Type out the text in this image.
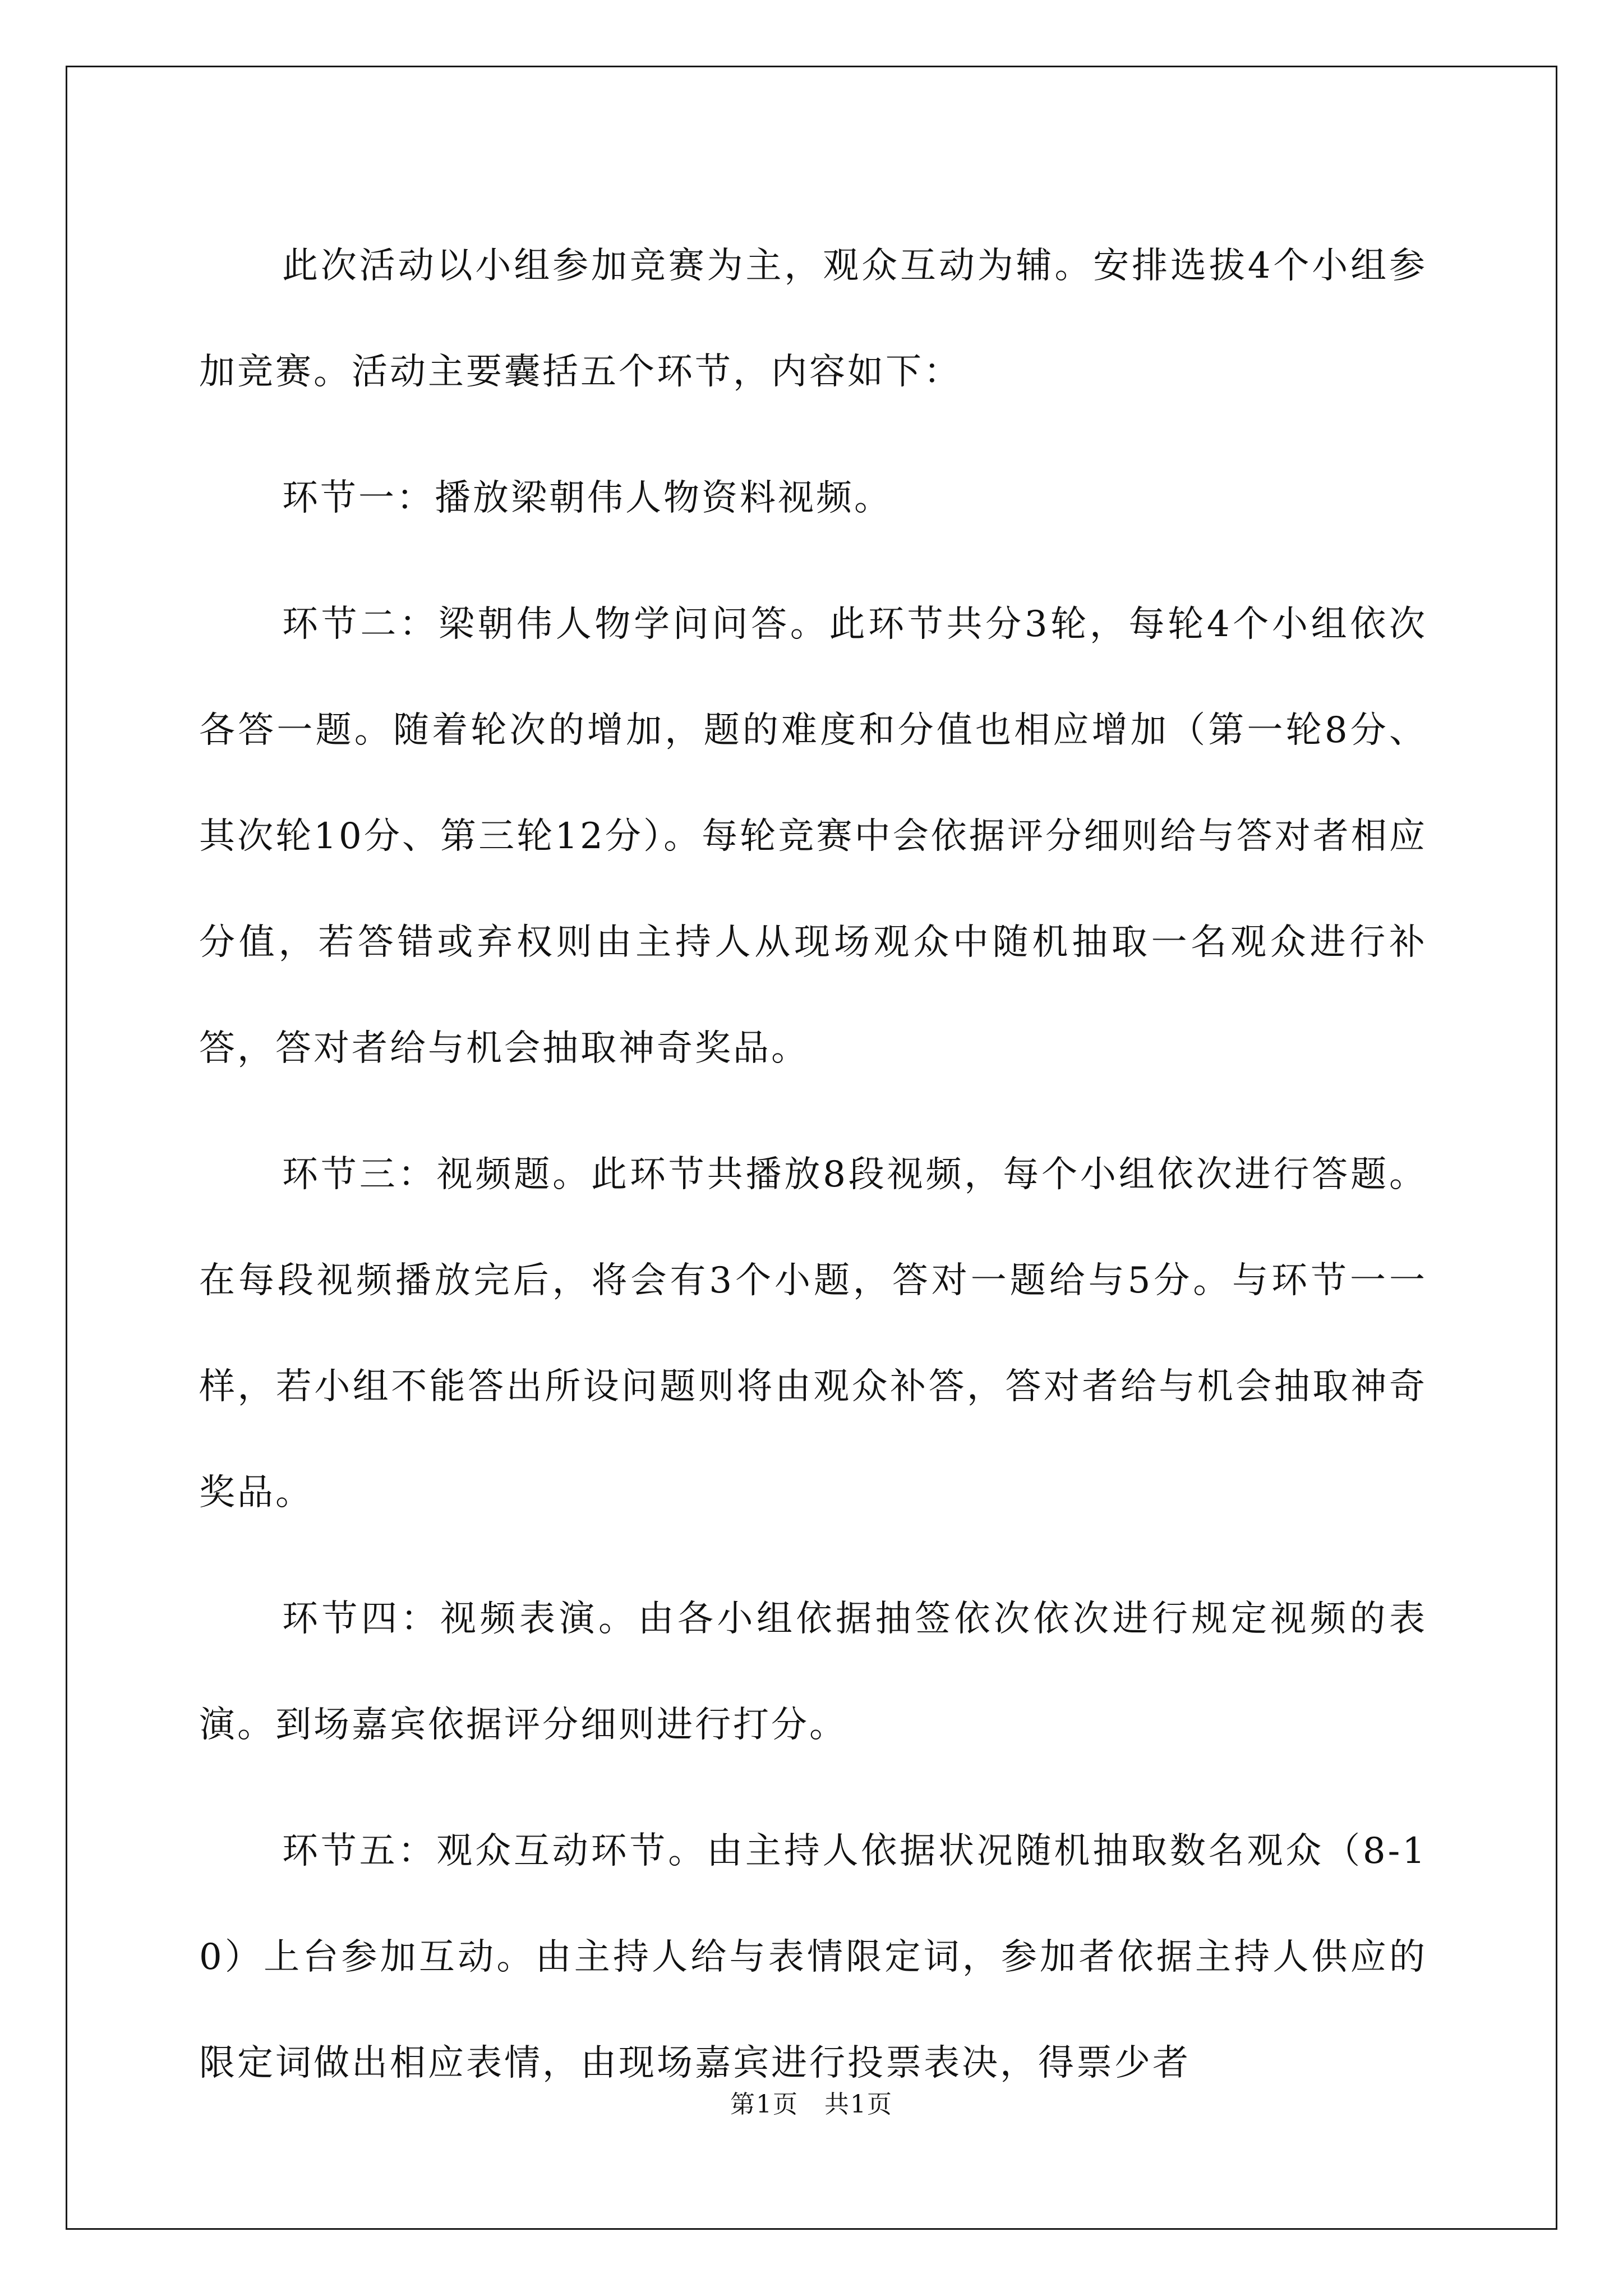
此次活动以小组参加竞赛为主，观众互动为辅。安排选拔4个小组参加竞赛。活动主要囊括五个环节，内容如下：

环节一：播放梁朝伟人物资料视频。

环节二：梁朝伟人物学问问答。此环节共分3轮，每轮4个小组依次各答一题。随着轮次的增加，题的难度和分值也相应增加（第一轮8分、其次轮10分、第三轮12分）。每轮竞赛中会依据评分细则给与答对者相应分值，若答错或弃权则由主持人从现场观众中随机抽取一名观众进行补答，答对者给与机会抽取神奇奖品。

环节三：视频题。此环节共播放8段视频，每个小组依次进行答题。在每段视频播放完后，将会有3个小题，答对一题给与5分。与环节一一样，若小组不能答出所设问题则将由观众补答，答对者给与机会抽取神奇奖品。

环节四：视频表演。由各小组依据抽签依次依次进行规定视频的表演。到场嘉宾依据评分细则进行打分。

环节五：观众互动环节。由主持人依据状况随机抽取数名观众（8-10）上台参加互动。由主持人给与表情限定词，参加者依据主持人供应的限定词做出相应表情，由现场嘉宾进行投票表决，得票少者

第1页　共1页
